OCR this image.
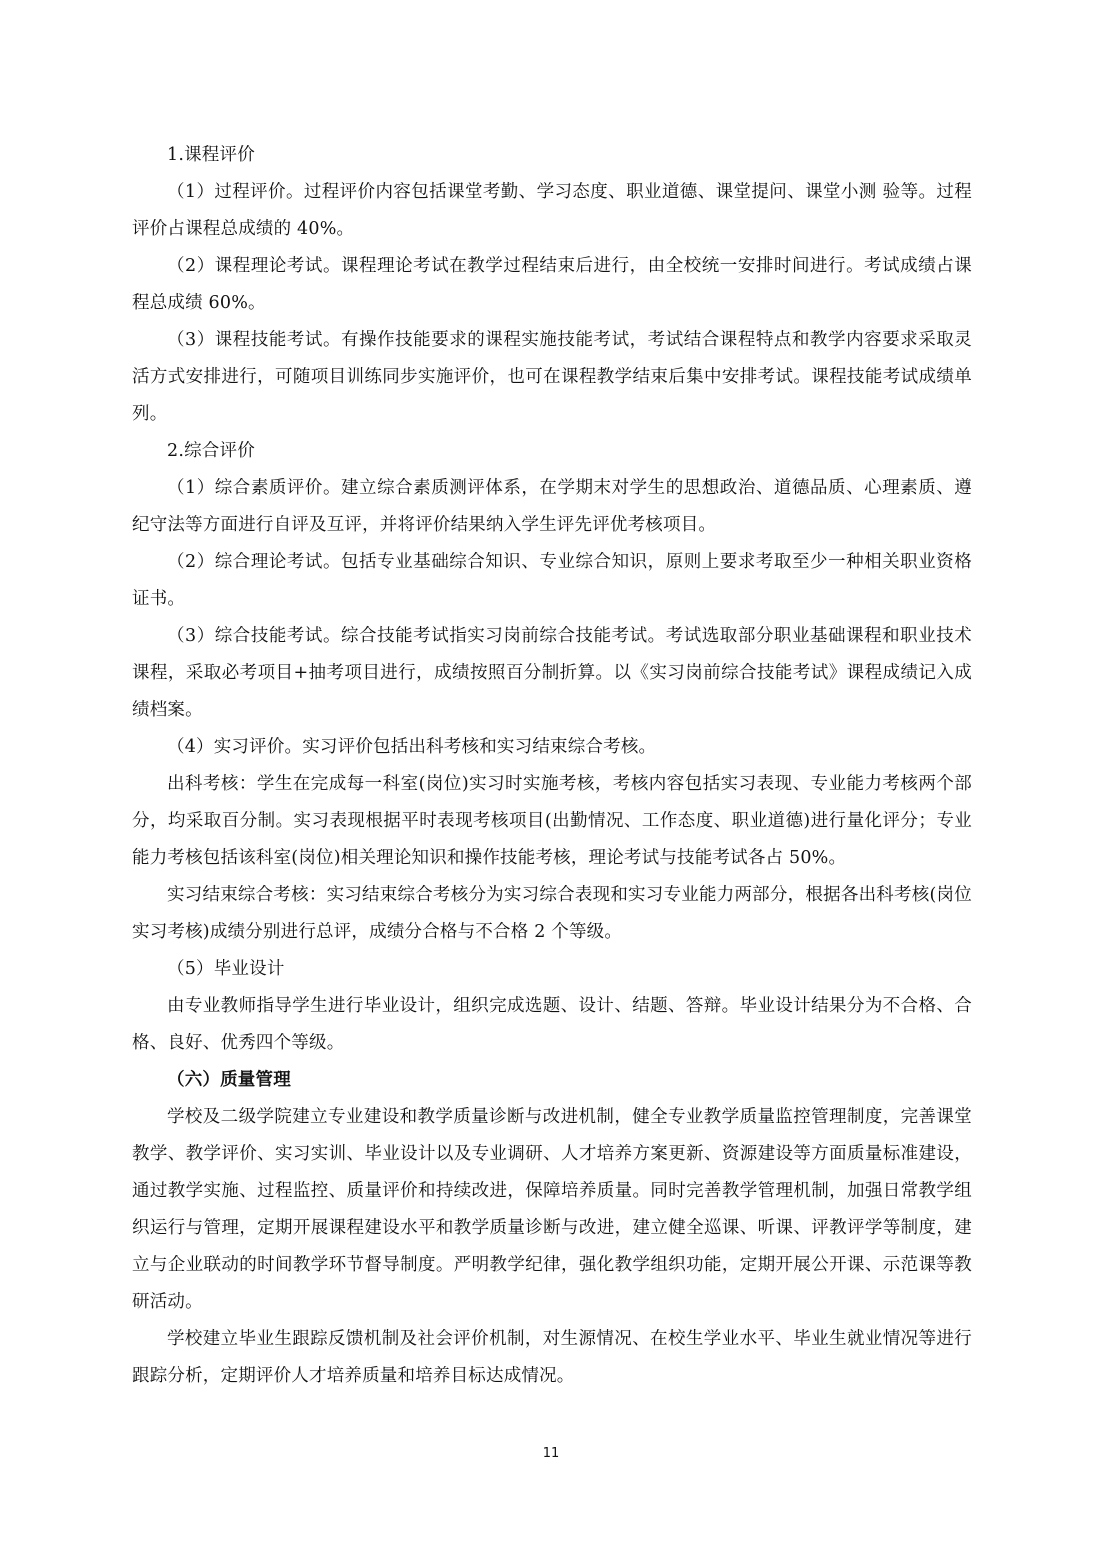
1.课程评价

（1）过程评价。过程评价内容包括课堂考勤、学习态度、职业道德、课堂提问、课堂小测 验等。过程评价占课程总成绩的 40%。

（2）课程理论考试。课程理论考试在教学过程结束后进行，由全校统一安排时间进行。考试成绩占课程总成绩 60%。

（3）课程技能考试。有操作技能要求的课程实施技能考试，考试结合课程特点和教学内容要求采取灵活方式安排进行，可随项目训练同步实施评价，也可在课程教学结束后集中安排考试。课程技能考试成绩单列。

2.综合评价

（1）综合素质评价。建立综合素质测评体系，在学期末对学生的思想政治、道德品质、心理素质、遵纪守法等方面进行自评及互评，并将评价结果纳入学生评先评优考核项目。

（2）综合理论考试。包括专业基础综合知识、专业综合知识，原则上要求考取至少一种相关职业资格证书。

（3）综合技能考试。综合技能考试指实习岗前综合技能考试。考试选取部分职业基础课程和职业技术课程，采取必考项目+抽考项目进行，成绩按照百分制折算。以《实习岗前综合技能考试》课程成绩记入成绩档案。

（4）实习评价。实习评价包括出科考核和实习结束综合考核。

出科考核：学生在完成每一科室(岗位)实习时实施考核，考核内容包括实习表现、专业能力考核两个部分，均采取百分制。实习表现根据平时表现考核项目(出勤情况、工作态度、职业道德)进行量化评分；专业能力考核包括该科室(岗位)相关理论知识和操作技能考核，理论考试与技能考试各占 50%。

实习结束综合考核：实习结束综合考核分为实习综合表现和实习专业能力两部分，根据各出科考核(岗位实习考核)成绩分别进行总评，成绩分合格与不合格 2 个等级。

（5）毕业设计

由专业教师指导学生进行毕业设计，组织完成选题、设计、结题、答辩。毕业设计结果分为不合格、合格、良好、优秀四个等级。

（六）质量管理

学校及二级学院建立专业建设和教学质量诊断与改进机制，健全专业教学质量监控管理制度，完善课堂教学、教学评价、实习实训、毕业设计以及专业调研、人才培养方案更新、资源建设等方面质量标准建设，通过教学实施、过程监控、质量评价和持续改进，保障培养质量。同时完善教学管理机制，加强日常教学组织运行与管理，定期开展课程建设水平和教学质量诊断与改进，建立健全巡课、听课、评教评学等制度，建立与企业联动的时间教学环节督导制度。严明教学纪律，强化教学组织功能，定期开展公开课、示范课等教研活动。

学校建立毕业生跟踪反馈机制及社会评价机制，对生源情况、在校生学业水平、毕业生就业情况等进行跟踪分析，定期评价人才培养质量和培养目标达成情况。

11
